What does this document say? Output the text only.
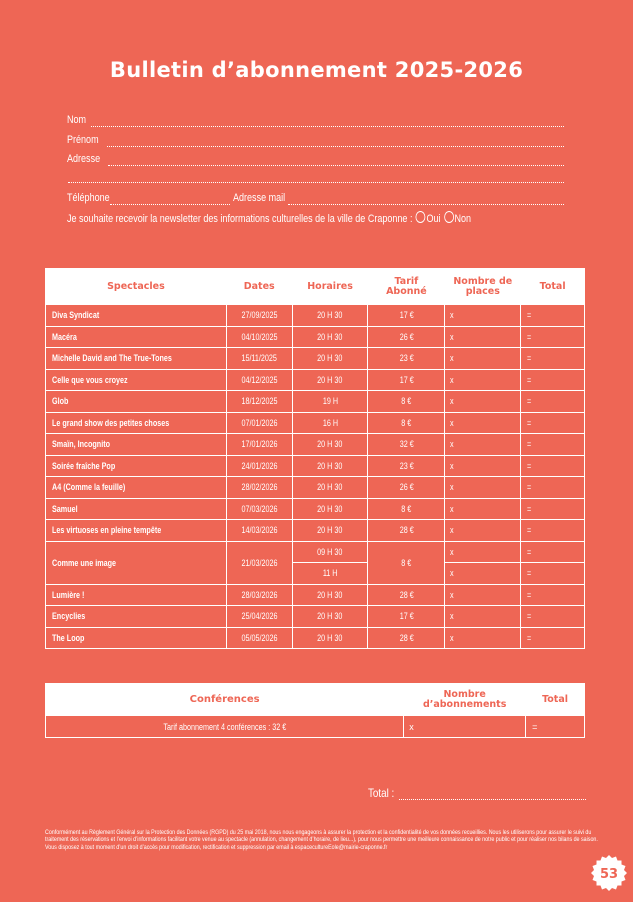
Bulletin d’abonnement 2025-2026
Nom
Prénom
Adresse
Téléphone	Adresse mail
Je souhaite recevoir la newsletter des informations culturelles de la ville de Craponne : Oui Non
Spectacles	Dates	Horaires	Tarif Abonné	Nombre de places	Total
Diva Syndicat	27/09/2025	20 H 30	17 €	x	=
Macéra	04/10/2025	20 H 30	26 €	x	=
Michelle David and The True-Tones	15/11/2025	20 H 30	23 €	x	=
Celle que vous croyez	04/12/2025	20 H 30	17 €	x	=
Glob	18/12/2025	19 H	8 €	x	=
Le grand show des petites choses	07/01/2026	16 H	8 €	x	=
Smaïn, Incognito	17/01/2026	20 H 30	32 €	x	=
Soirée fraîche Pop	24/01/2026	20 H 30	23 €	x	=
A4 (Comme la feuille)	28/02/2026	20 H 30	26 €	x	=
Samuel	07/03/2026	20 H 30	8 €	x	=
Les virtuoses en pleine tempête	14/03/2026	20 H 30	28 €	x	=
Comme une image	21/03/2026	09 H 30	8 €	x	=
		11 H		x	=
Lumière !	28/03/2026	20 H 30	28 €	x	=
Encyclies	25/04/2026	20 H 30	17 €	x	=
The Loop	05/05/2026	20 H 30	28 €	x	=
Conférences	Nombre d’abonnements	Total
Tarif abonnement 4 conférences : 32 €	x	=
Total :
Conformément au Règlement Général sur la Protection des Données (RGPD) du 25 mai 2018, nous nous engageons à assurer la protection et la confidentialité de vos données recueillies. Nous les utiliserons pour assurer le suivi du traitement des réservations et l’envoi d’informations facilitant votre venue au spectacle (annulation, changement d’horaire, de lieu...), pour nous permettre une meilleure connaissance de notre public et pour réaliser nos bilans de saison. Vous disposez à tout moment d’un droit d’accès pour modification, rectification et suppression par email à espacecultureEole@mairie-craponne.fr
53
